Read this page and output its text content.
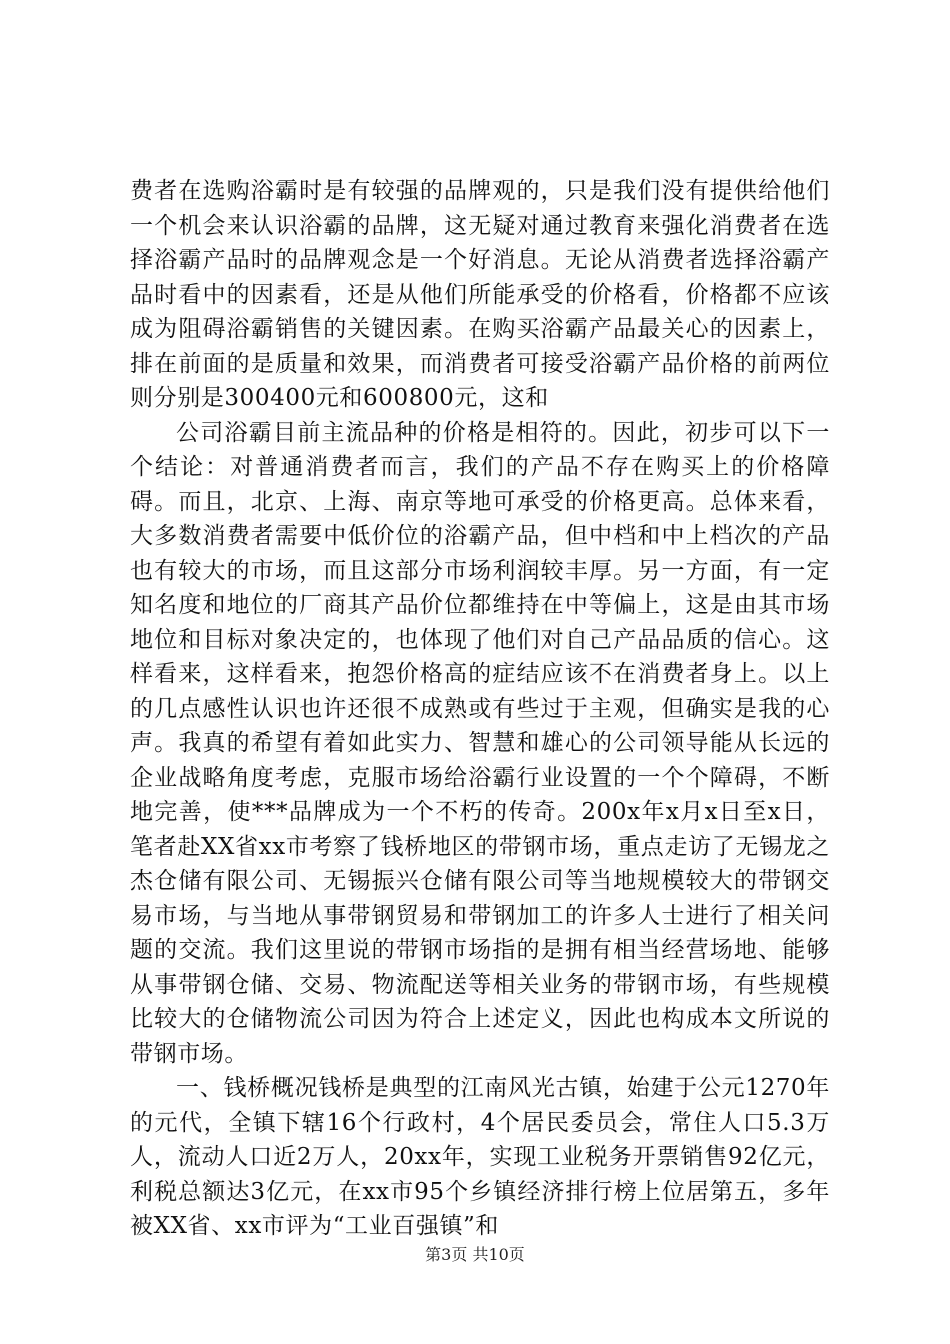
费者在选购浴霸时是有较强的品牌观的，只是我们没有提供给他们一个机会来认识浴霸的品牌，这无疑对通过教育来强化消费者在选择浴霸产品时的品牌观念是一个好消息。无论从消费者选择浴霸产品时看中的因素看，还是从他们所能承受的价格看，价格都不应该成为阻碍浴霸销售的关键因素。在购买浴霸产品最关心的因素上，排在前面的是质量和效果，而消费者可接受浴霸产品价格的前两位则分别是300400元和600800元，这和

公司浴霸目前主流品种的价格是相符的。因此，初步可以下一个结论：对普通消费者而言，我们的产品不存在购买上的价格障碍。而且，北京、上海、南京等地可承受的价格更高。总体来看，大多数消费者需要中低价位的浴霸产品，但中档和中上档次的产品也有较大的市场，而且这部分市场利润较丰厚。另一方面，有一定知名度和地位的厂商其产品价位都维持在中等偏上，这是由其市场地位和目标对象决定的，也体现了他们对自己产品品质的信心。这样看来，这样看来，抱怨价格高的症结应该不在消费者身上。以上的几点感性认识也许还很不成熟或有些过于主观，但确实是我的心声。我真的希望有着如此实力、智慧和雄心的公司领导能从长远的企业战略角度考虑，克服市场给浴霸行业设置的一个个障碍，不断地完善，使***品牌成为一个不朽的传奇。200x年x月x日至x日，笔者赴XX省xx市考察了钱桥地区的带钢市场，重点走访了无锡龙之杰仓储有限公司、无锡振兴仓储有限公司等当地规模较大的带钢交易市场，与当地从事带钢贸易和带钢加工的许多人士进行了相关问题的交流。我们这里说的带钢市场指的是拥有相当经营场地、能够从事带钢仓储、交易、物流配送等相关业务的带钢市场，有些规模比较大的仓储物流公司因为符合上述定义，因此也构成本文所说的带钢市场。

一、钱桥概况钱桥是典型的江南风光古镇，始建于公元1270年的元代，全镇下辖16个行政村，4个居民委员会，常住人口5.3万人，流动人口近2万人，20xx年，实现工业税务开票销售92亿元，利税总额达3亿元，在xx市95个乡镇经济排行榜上位居第五，多年被XX省、xx市评为“工业百强镇”和

第3页 共10页
